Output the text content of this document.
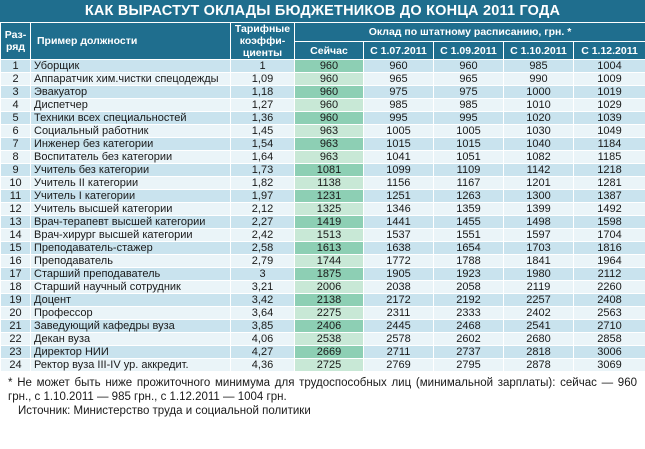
КАК ВЫРАСТУТ ОКЛАДЫ БЮДЖЕТНИКОВ ДО КОНЦА 2011 ГОДА
Раз-ряд	Пример должности	Тарифные коэффи-циенты	Оклад по штатному расписанию, грн. *				
			Сейчас	С 1.07.2011	С 1.09.2011	С 1.10.2011	С 1.12.2011
1	Уборщик	1	960	960	960	985	1004
2	Аппаратчик хим.чистки спецодежды	1,09	960	965	965	990	1009
3	Эвакуатор	1,18	960	975	975	1000	1019
4	Диспетчер	1,27	960	985	985	1010	1029
5	Техники всех специальностей	1,36	960	995	995	1020	1039
6	Социальный работник	1,45	963	1005	1005	1030	1049
7	Инженер без категории	1,54	963	1015	1015	1040	1184
8	Воспитатель без категории	1,64	963	1041	1051	1082	1185
9	Учитель без категории	1,73	1081	1099	1109	1142	1218
10	Учитель II категории	1,82	1138	1156	1167	1201	1281
11	Учитель I категории	1,97	1231	1251	1263	1300	1387
12	Учитель высшей категории	2,12	1325	1346	1359	1399	1492
13	Врач-терапевт высшей категории	2,27	1419	1441	1455	1498	1598
14	Врач-хирург высшей категории	2,42	1513	1537	1551	1597	1704
15	Преподаватель-стажер	2,58	1613	1638	1654	1703	1816
16	Преподаватель	2,79	1744	1772	1788	1841	1964
17	Старший преподаватель	3	1875	1905	1923	1980	2112
18	Старший научный сотрудник	3,21	2006	2038	2058	2119	2260
19	Доцент	3,42	2138	2172	2192	2257	2408
20	Профессор	3,64	2275	2311	2333	2402	2563
21	Заведующий кафедры вуза	3,85	2406	2445	2468	2541	2710
22	Декан вуза	4,06	2538	2578	2602	2680	2858
23	Директор НИИ	4,27	2669	2711	2737	2818	3006
24	Ректор вуза III-IV ур. аккредит.	4,36	2725	2769	2795	2878	3069
* Не может быть ниже прожиточного минимума для трудоспособных лиц (минимальной зарплаты): сейчас — 960 грн., с 1.10.2011 — 985 грн., с 1.12.2011 — 1004 грн.
Источник: Министерство труда и социальной политики
